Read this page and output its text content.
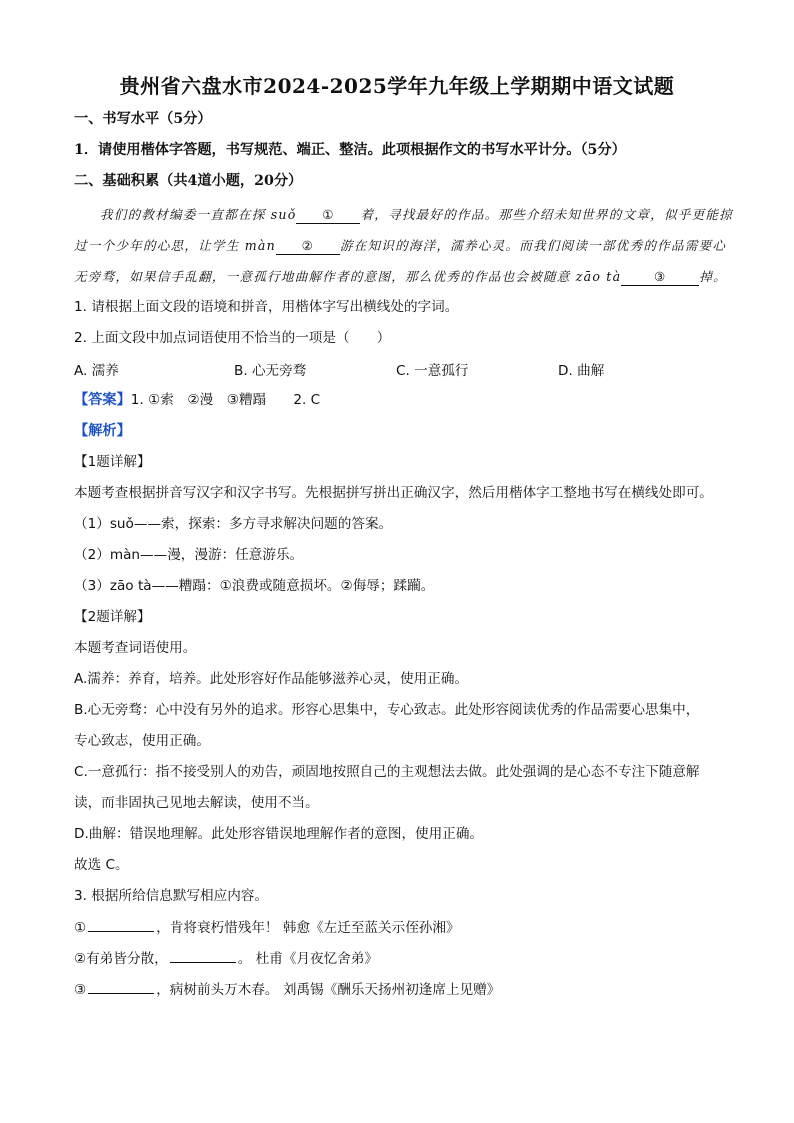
贵州省六盘水市2024-2025学年九年级上学期期中语文试题
一、书写水平（5分）
1．请使用楷体字答题，书写规范、端正、整洁。此项根据作文的书写水平计分。（5分）
二、基础积累（共4道小题，20分）
我们的教材编委一直都在探 suǒ ① 着，寻找最好的作品。那些介绍未知世界的文章，似乎更能掠
过一个少年的心思，让学生 màn ② 游在知识的海洋，濡养心灵。而我们阅读一部优秀的作品需要心
无旁骛，如果信手乱翻，一意孤行地曲解作者的意图，那么优秀的作品也会被随意 zāo tà	③	掉。
1. 请根据上面文段的语境和拼音，用楷体字写出横线处的字词。
2. 上面文段中加点词语使用不恰当的一项是（　　）
A. 濡养	B. 心无旁骛	C. 一意孤行	D. 曲解
【答案】1. ①索　②漫　③糟蹋　　2. C
【解析】
【1题详解】
本题考查根据拼音写汉字和汉字书写。先根据拼写拼出正确汉字，然后用楷体字工整地书写在横线处即可。
（1）suǒ——索，探索：多方寻求解决问题的答案。
（2）màn——漫，漫游：任意游乐。
（3）zāo tà——糟蹋：①浪费或随意损坏。②侮辱；蹂躏。
【2题详解】
本题考查词语使用。
A.濡养：养育，培养。此处形容好作品能够滋养心灵，使用正确。
B.心无旁骛：心中没有另外的追求。形容心思集中，专心致志。此处形容阅读优秀的作品需要心思集中，
专心致志，使用正确。
C.一意孤行：指不接受别人的劝告，顽固地按照自己的主观想法去做。此处强调的是心态不专注下随意解
读，而非固执己见地去解读，使用不当。
D.曲解：错误地理解。此处形容错误地理解作者的意图，使用正确。
故选 C。
3. 根据所给信息默写相应内容。
①	，肯将衰朽惜残年！ 韩愈《左迁至蓝关示侄孙湘》
②有弟皆分散，	。 杜甫《月夜忆舍弟》
③	，病树前头万木春。 刘禹锡《酬乐天扬州初逢席上见赠》
